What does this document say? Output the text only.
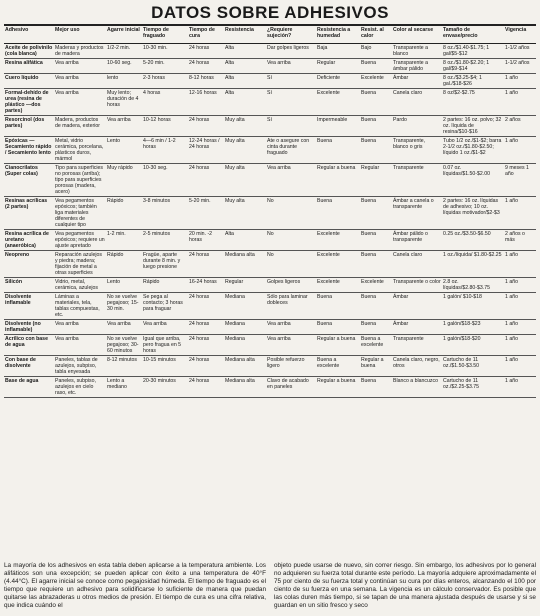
DATOS SOBRE ADHESIVOS
Adhesivo	Mejor uso	Agarre inicial	Tiempo de fraguado	Tiempo de cura	Resistencia	¿Requiere sujeción?	Resistencia a humedad	Resist. al calor	Color al secarse	Tamaño de envase/precio	Vigencia
Aceite de polivinilo (cola blanca)	Maderas y productos de madera	1/2-2 min.	10-30 min.	24 horas	Alta	Dar golpes ligeros	Baja	Bajo	Transparente a blanco	8 oz./$1.40-$1.75; 1 gal/$5-$12	1-1/2 años
Resina alifática	Vea arriba	10-60 seg.	5-20 min.	24 horas	Alta	Vea arriba	Regular	Buena	Transparente a ámbar pálido	8 oz./$1.80-$2.20; 1 gal/$9-$14	1-1/2 años
Cuero líquido	Vea arriba	lento	2-3 horas	8-12 horas	Alta	Sí	Deficiente	Excelente	Ámbar	8 oz./$3.25-$4; 1 gal./$18-$26	1 año
Formal-dehído de urea (resina de plástico —dos partes)	Vea arriba	Muy lento; duración de 4 horas	4 horas	12-16 horas	Alta	Sí	Excelente	Buena	Canela claro	8 oz/$2-$2.75	1 año
Resorcinol (dos partes)	Madera, productos de madera, exterior	Vea arriba	10-12 horas	24 horas	Muy alta	Sí	Impermeable	Buena	Pardo	2 partes: 16 oz. polvo; 32 oz. líquida de resina/$10-$16	2 años
Epóxicas — Secamiento rápido / Secamiento lento	Metal, vidrio cerámica, porcelana, plásticos duros, mármol	Lento	4—6 min / 1-2 horas	12-24 horas / 24 horas	Muy alta	Ate o asegure con cinta durante fraguado	Buena	Buena	Transparente, blanco o gris	Tubo 1/2 oz./$1-$2; barra 2-1/2 oz./$1.80-$2.50; líquido 1 oz./$1-$2	1 año
Cianocrilatos (Super colas)	Tipo para superficies no porosas (arriba); tipo para superficies porosas (madera, acero)	Muy rápido	10-30 seg.	24 horas	Muy alta	Vea arriba	Regular a buena	Regular	Transparente	0.07 oz. líquidas/$1.50-$2.00	9 meses 1 año
Resinas acrílicas (2 partes)	Vea pegamentos epóxicos; también liga materiales diferentes de cualquier tipo	Rápido	3-8 minutos	5-20 min.	Muy alta	No	Buena	Buena	Ámbar a canela o transparente	2 partes: 16 oz. líquidas de adhesivo; 10 oz. líquidas motivador/$2-$3	1 año
Resina acrílica de uretano (anaeróbica)	Vea pegamentos epóxicos; requiere un ajuste apretado	1-2 min.	2-5 minutos	20 min. -2 horas	Alta	No	Excelente	Buena	Ámbar pálido o transparente	0.25 oz./$3.50-$6.50	2 años o más
Neopreno	Reparación azulejos y piedra; madera; fijación de metal a otras superficies	Rápido	Fragüe, aparte durante 8 min. y luego presione	24 horas	Mediana alta	No	Excelente	Buena	Canela claro	1 oz./líquida/ $1.80-$2.25	1 año
Silicón	Vidrio, metal, cerámica, azulejos	Lento	Rápido	16-24 horas	Regular	Golpes ligeros	Excelente	Excelente	Transparente o color	2.8 oz. líquidas/$2.80-$3.75	1 año
Disolvente inflamable	Láminas a materiales, tela, tablas compuestas, etc.	No se vuelve pegajoso; 15-30 min.	Se pega al contacto; 3 horas para fraguar	24 horas	Mediana	Sólo para laminar dobleces	Buena	Buena	Ámbar	1 galón/ $10-$18	1 año
Disolvente (no inflamable)	Vea arriba	Vea arriba	Vea arriba	24 horas	Mediana	Vea arriba	Buena	Buena	Ámbar	1 galón/$18-$23	1 año
Acrílico con base de agua	Vea arriba	No se vuelve pegajoso; 30-60 minutos	Igual que arriba, pero fragua en 5 horas	24 horas	Mediana	Vea arriba	Regular a buena	Buena a excelente	Transparente	1 galón/$18-$20	1 año
Con base de disolvente	Paneles, tablas de azulejos, subpiso, tabla enyesada	8-12 minutos	10-15 minutos	24 horas	Mediana alta	Posible refuerzo ligero	Buena a excelente	Regular a buena	Canela claro, negro, otros	Cartucho de 11 oz./$1.50-$3.50	1 año
Base de agua	Paneles, subpiso, azulejos en cielo raso, etc.	Lento a mediano	20-30 minutos	24 horas	Mediana alta	Clavo de acabado en paneles	Regular a buena	Buena	Blanco a blancuzco	Cartucho de 11 oz./$2.25-$3.75	1 año

La mayoría de los adhesivos en esta tabla deben aplicarse a la temperatura ambiente. Los alifáticos son una excepción; se pueden aplicar con éxito a una temperatura de 40°F (4.44°C). El agarre inicial se conoce como pegajosidad húmeda. El tiempo de fraguado es el tiempo que requiere un adhesivo para solidificarse lo suficiente de manera que puedan quitarse las abrazaderas u otros medios de presión. El tiempo de cura es una cifra relativa, que indica cuándo el

objeto puede usarse de nuevo, sin correr riesgo. Sin embargo, los adhesivos por lo general no adquieren su fuerza total durante este período. La mayoría adquiere aproximadamente el 75 por ciento de su fuerza total y continúan su cura por días enteros, alcanzando el 100 por ciento de su fuerza en una semana. La vigencia es un cálculo conservador. Es posible que las colas duren más tiempo, si se tapan de una manera ajustada después de usarse y si se guardan en un sitio fresco y seco
